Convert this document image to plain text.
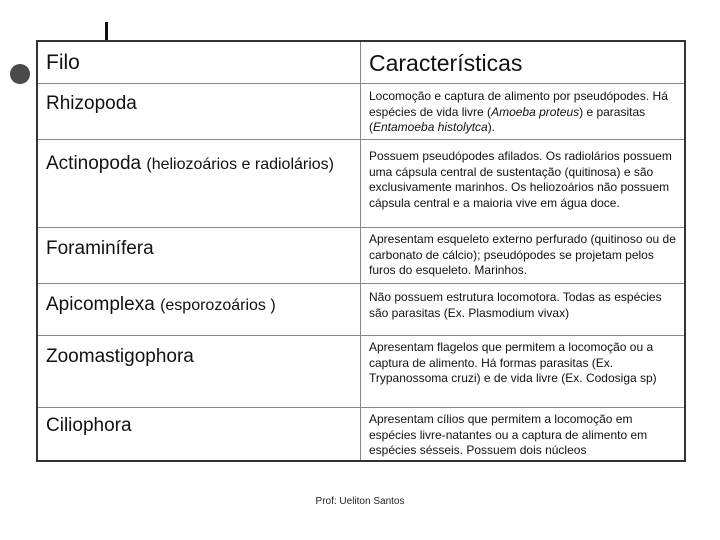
Filo	Características
Rhizopoda	Locomoção e captura de alimento por pseudópodes. Há espécies de vida livre (Amoeba proteus) e parasitas (Entamoeba histolytca).
Actinopoda (heliozoários e radiolários)	Possuem pseudópodes afilados. Os radiolários possuem uma cápsula central de sustentação (quitinosa) e são exclusivamente marinhos. Os heliozoários não possuem cápsula central e a maioria vive em água doce.
Foraminífera	Apresentam esqueleto externo perfurado (quitinoso ou de carbonato de cálcio); pseudópodes se projetam pelos furos do esqueleto. Marinhos.
Apicomplexa (esporozoários )	Não possuem estrutura locomotora. Todas as espécies são parasitas (Ex. Plasmodium vivax)
Zoomastigophora	Apresentam flagelos que permitem a locomoção ou a captura de alimento. Há formas parasitas (Ex. Trypanossoma cruzi) e de vida livre (Ex. Codosiga sp)
Ciliophora	Apresentam cílios que permitem a locomoção em espécies livre-natantes ou a captura de alimento em espécies sésseis. Possuem dois núcleos
Prof: Ueliton Santos
